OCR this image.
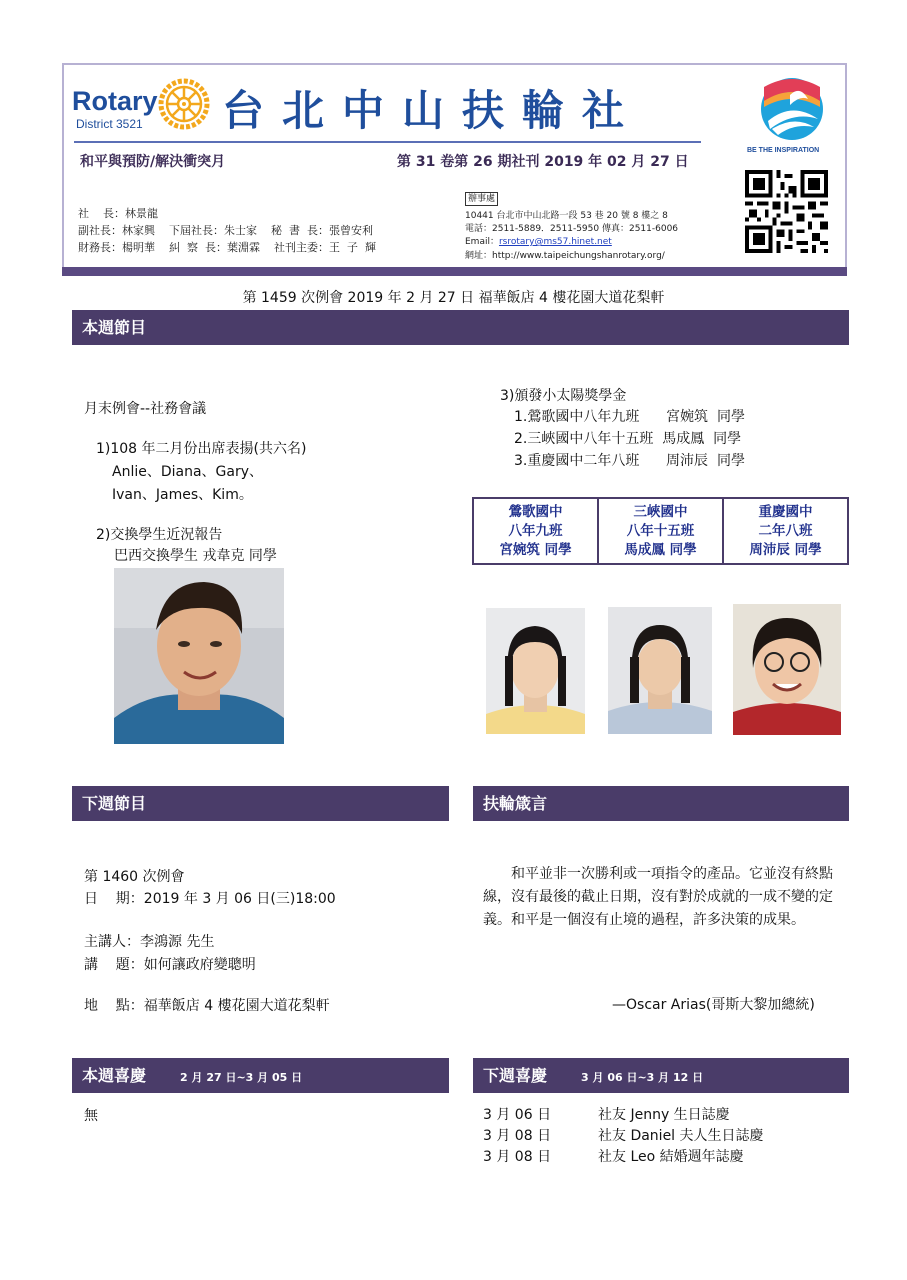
Rotary
District 3521 台北中山扶輪社
和平與預防/解決衝突月	第 31 卷第 26 期社刊 2019 年 02 月 27 日
社    長：林景龍
副社長：林家興    下屆社長：朱士家    秘  書  長：張曾安利
財務長：楊明華    糾  察  長：葉淵霖    社刊主委：王  子  輝
辦事處
10441 台北市中山北路一段 53 巷 20 號 8 樓之 8
電話：2511-5889．2511-5950 傳真：2511-6006
Email：rsrotary@ms57.hinet.net
網址：http://www.taipeichungshanrotary.org/
BE THE INSPIRATION
第 1459 次例會 2019 年 2 月 27 日 福華飯店 4 樓花園大道花梨軒
本週節目
月末例會--社務會議
1)108 年二月份出席表揚(共六名)
Anlie、Diana、Gary、
Ivan、James、Kim。
2)交換學生近況報告
巴西交換學生 戎韋克 同學
3)頒發小太陽獎學金
1.鶯歌國中八年九班      宮婉筑  同學
2.三峽國中八年十五班  馬成鳳  同學
3.重慶國中二年八班      周沛辰  同學
鶯歌國中
八年九班
宮婉筑 同學

三峽國中
八年十五班
馬成鳳 同學

重慶國中
二年八班
周沛辰 同學
下週節目
第 1460 次例會
日    期：2019 年 3 月 06 日(三)18:00
主講人：李鴻源 先生
講    題：如何讓政府變聰明
地    點：福華飯店 4 樓花園大道花梨軒
扶輪箴言
和平並非一次勝利或一項指令的產品。它並沒有終點線，沒有最後的截止日期，沒有對於成就的一成不變的定義。和平是一個沒有止境的過程，許多決策的成果。
—Oscar Arias(哥斯大黎加總統)
本週喜慶	2 月 27 日~3 月 05 日
無
下週喜慶	3 月 06 日~3 月 12 日
3 月 06 日	社友 Jenny 生日誌慶
3 月 08 日	社友 Daniel 夫人生日誌慶
3 月 08 日	社友 Leo 結婚週年誌慶
